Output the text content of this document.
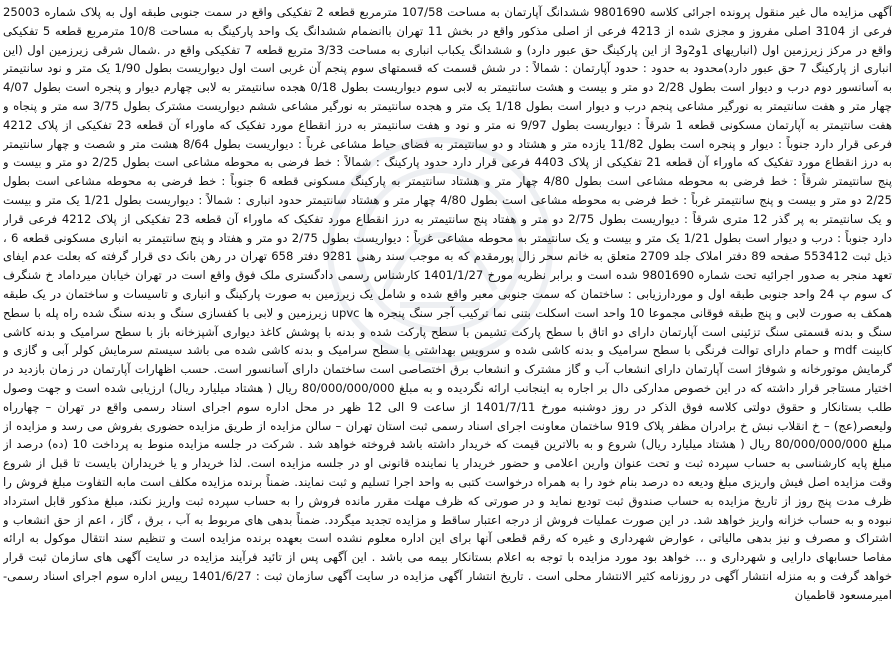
آگهی مزایده مال غیر منقول پرونده اجرائی کلاسه 9801690 ششدانگ آپارتمان به مساحت 107/58 مترمربع قطعه 2 تفکیکی واقع در سمت جنوبی طبقه اول به پلاک شماره 25003 فرعی از 3104 اصلی مفروز و مجزی شده از 4213 فرعی از اصلی مذکور واقع در بخش 11 تهران باانضمام ششدانگ یک واحد پارکینگ به مساحت 10/8 مترمربع قطعه 5 تفکیکی واقع در مرکز زیرزمین اول (انباریهای 1و2و3 از این پارکینگ حق عبور دارد) و ششدانگ یکباب انباری به مساحت 3/33 متربع قطعه 7 تفکیکی واقع در .شمال شرقی زیرزمین اول (این انباری از پارکینگ 7 حق عبور دارد)محدود به حدود : حدود آپارتمان : شمالاً : در شش قسمت که قسمتهای سوم پنجم آن غربی است اول دیواریست بطول 1/90 یک متر و نود سانتیمتر به آسانسور دوم درب و دیوار است بطول 2/28 دو متر و بیست و هشت سانتیمتر به لابی سوم دیواریست بطول 0/18 هجده سانتیمتر به لابی چهارم دیوار و پنجره است بطول 4/07 چهار متر و هفت سانتیمتر به نورگیر مشاعی پنجم درب و دیوار است بطول 1/18 یک متر و هجده سانتیمتر به نورگیر مشاعی ششم دیواریست مشترک بطول 3/75 سه متر و پنجاه و هفت سانتیمتر به آپارتمان مسکونی قطعه 1 شرقاً : دیواریست بطول 9/97 نه متر و نود و هفت سانتیمتر به درز انقطاع مورد تفکیک که ماوراء آن قطعه 23 تفکیکی از پلاک 4212 فرعی قرار دارد جنوباً : دیوار و پنجره است بطول 11/82 یازده متر و هشتاد و دو سانتیمتر به فضای حیاط مشاعی غرباً : دیواریست بطول 8/64 هشت متر و شصت و چهار سانتیمتر به درز انقطاع مورد تفکیک که ماوراء آن قطعه 21 تفکیکی از پلاک 4403 فرعی قرار دارد حدود پارکینگ : شمالاً : خط فرضی به محوطه مشاعی است بطول 2/25 دو متر و بیست و پنج سانتیمتر شرقاً : خط فرضی به محوطه مشاعی است بطول 4/80 چهار متر و هشتاد سانتیمتر به پارکینگ مسکونی قطعه 6 جنوباً : خط فرضی به محوطه مشاعی است بطول 2/25 دو متر و بیست و پنج سانتیمتر غرباً : خط فرضی به محوطه مشاعی است بطول 4/80 چهار متر و هشتاد سانتیمتر حدود انباری : شمالاً : دیواریست بطول 1/21 یک متر و بیست و یک سانتیمتر به پر گذر 12 متری شرقاً : دیواریست بطول 2/75 دو متر و هفتاد پنج سانتیمتر به درز انقطاع مورد تفکیک که ماوراء آن قطعه 23 تفکیکی از پلاک 4212 فرعی قرار دارد جنوباً : درب و دیوار است بطول 1/21 یک متر و بیست و یک سانتیمتر به محوطه مشاعی غرباً : دیواریست بطول 2/75 دو متر و هفتاد و پنج سانتیمتر به انباری مسکونی قطعه 6 ، ذیل ثبت 553412 صفحه 89 دفتر املاک جلد 2709 متعلق به خانم سحر زال پورمقدم که به موجب سند رهنی 9281 دفتر 658 تهران در رهن بانک دی قرار گرفته که بعلت عدم ایفای تعهد منجر به صدور اجرائیه تحت شماره 9801690 شده است و برابر نظریه مورخ 1401/1/27 کارشناس رسمی دادگستری ملک فوق واقع است در تهران خیابان میرداماد خ شنگرف ک سوم پ 24 واحد جنوبی طبقه اول و موردارزیابی : ساختمان که سمت جنوبی معبر واقع شده و شامل یک زیرزمین به صورت پارکینگ و انباری و تاسیسات و ساختمان در یک طبقه همکف به صورت لابی و پنج طبقه فوقانی مجموعا 10 واحد است اسکلت بتنی نما ترکیب آجر سنگ پنجره ها upvc زیرزمین و لابی با کفسازی سنگ و بدنه سنگ شده راه پله با سطح سنگ و بدنه قسمتی سنگ تزئینی است آپارتمان دارای دو اتاق با سطح پارکت تشیمن با سطح پارکت شده و بدنه با پوشش کاغذ دیواری آشپزخانه باز با سطح سرامیک و بدنه کاشی کابینت mdf و حمام دارای توالت فرنگی با سطح سرامیک و بدنه کاشی شده و سرویس بهداشتی با سطح سرامیک و بدنه کاشی شده می باشد سیستم سرمایش کولر آبی و گازی و گرمایش موتورخانه و شوفاژ است آپارتمان دارای انشعاب آب و گاز مشترک و انشعاب برق اختصاصی است ساختمان دارای آسانسور است. حسب اظهارات آپارتمان در زمان بازدید در اختیار مستاجر قرار داشته که در این خصوص مدارکی دال بر اجاره به اینجانب ارائه نگردیده و به مبلغ 80/000/000/000 ریال ( هشتاد میلیارد ریال) ارزیابی شده است و جهت وصول طلب بستانکار و حقوق دولتی کلاسه فوق الذکر در روز دوشنبه مورخ 1401/7/11 از ساعت 9 الی 12 ظهر در محل اداره سوم اجرای اسناد رسمی واقع در تهران – چهارراه ولیعصر(عج) – خ انقلاب نبش خ برادران مظفر پلاک 919 ساختمان معاونت اجرای اسناد رسمی ثبت استان تهران – سالن مزایده از طریق مزایده حضوری بفروش می رسد و مزایده از مبلغ 80/000/000/000 ریال ( هشتاد میلیارد ریال) شروع و به بالاترین قیمت که خریدار داشته باشد فروخته خواهد شد . شرکت در جلسه مزایده منوط به پرداخت 10 (ده) درصد از مبلغ پایه کارشناسی به حساب سپرده ثبت و تحت عنوان وارین اعلامی و حضور خریدار یا نماینده قانونی او در جلسه مزایده است. لذا خریدار و یا خریداران بایست تا قبل از شروع وقت مزایده اصل فیش واریزی مبلغ ودیعه ده درصد بنام خود را به همراه درخواست کتبی به واحد اجرا تسلیم و ثبت نمایند. ضمناً برنده مزایده مکلف است مابه التفاوت مبلغ فروش را ظرف مدت پنج روز از تاریخ مزایده به حساب صندوق ثبت تودیع نماید و در صورتی که ظرف مهلت مقرر مانده فروش را به حساب سپرده ثبت واریز نکند، مبلغ مذکور قابل استرداد نبوده و به حساب خزانه واریز خواهد شد. در این صورت عملیات فروش از درجه اعتبار ساقط و مزایده تجدید میگردد. ضمناً بدهی های مربوط به آب ، برق ، گاز ، اعم از حق انشعاب و اشتراک و مصرف و نیز بدهی مالیاتی ، عوارض شهرداری و غیره که رقم قطعی آنها برای این اداره معلوم نشده است بعهده برنده مزایده است و تنظیم سند انتقال موکول به ارائه مفاصا حسابهای دارایی و شهرداری و ... خواهد بود مورد مزایده با توجه به اعلام بستانکار بیمه می باشد . این آگهی پس از تائید فرآیند مزایده در سایت آگهی های سازمان ثبت قرار خواهد گرفت و به منزله انتشار آگهی در روزنامه کثیر الانتشار محلی است . تاریخ انتشار آگهی مزایده در سایت آگهی سازمان ثبت : 1401/6/27 رییس اداره سوم اجرای اسناد رسمی- امیرمسعود قاطمیان
